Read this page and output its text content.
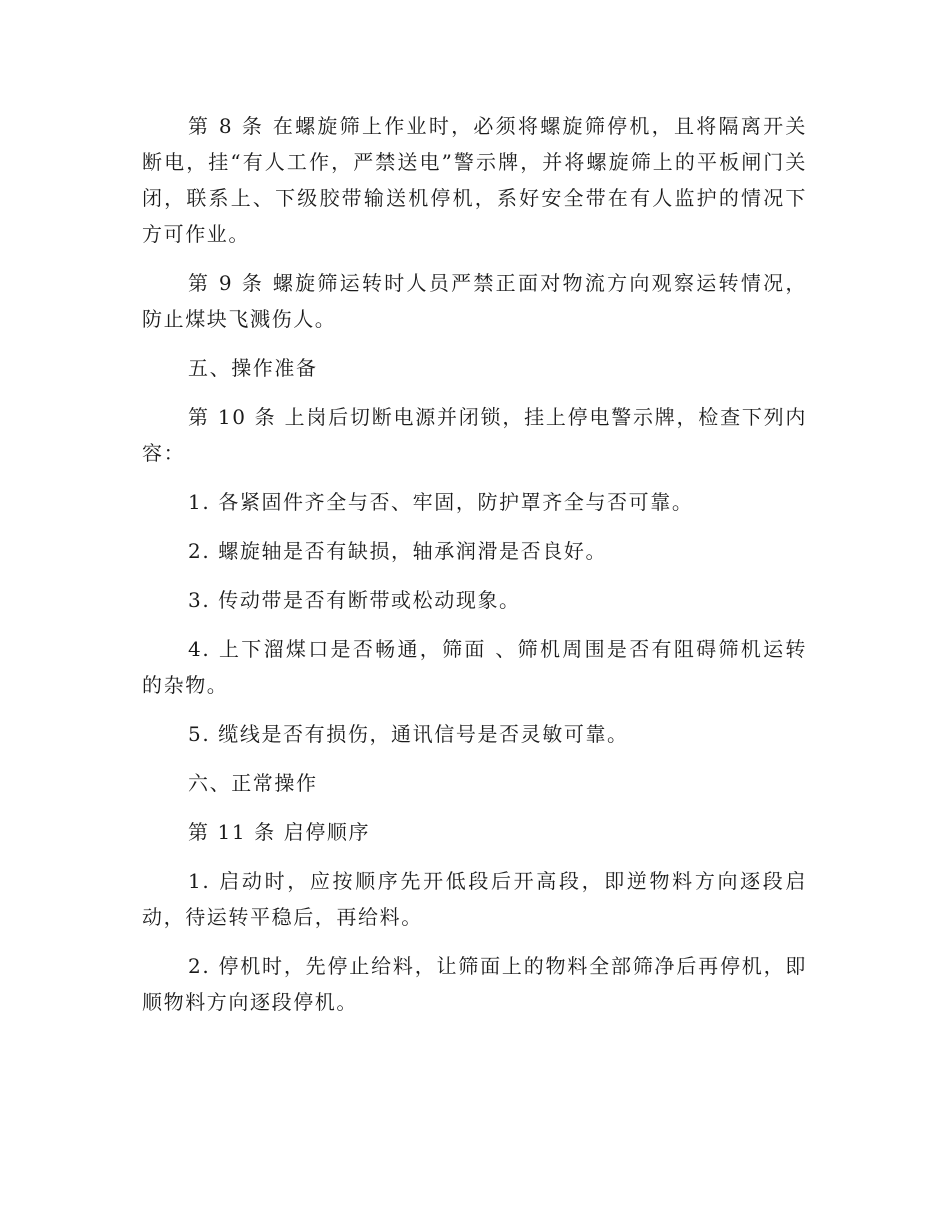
第 8 条 在螺旋筛上作业时，必须将螺旋筛停机，且将隔离开关断电，挂“有人工作，严禁送电”警示牌，并将螺旋筛上的平板闸门关闭，联系上、下级胶带输送机停机，系好安全带在有人监护的情况下方可作业。

第 9 条 螺旋筛运转时人员严禁正面对物流方向观察运转情况，防止煤块飞溅伤人。

五、操作准备

第 10 条 上岗后切断电源并闭锁，挂上停电警示牌，检查下列内容：

1. 各紧固件齐全与否、牢固，防护罩齐全与否可靠。

2. 螺旋轴是否有缺损，轴承润滑是否良好。

3. 传动带是否有断带或松动现象。

4. 上下溜煤口是否畅通，筛面 、筛机周围是否有阻碍筛机运转的杂物。

5. 缆线是否有损伤，通讯信号是否灵敏可靠。

六、正常操作

第 11 条 启停顺序

1. 启动时，应按顺序先开低段后开高段，即逆物料方向逐段启动，待运转平稳后，再给料。

2. 停机时，先停止给料，让筛面上的物料全部筛净后再停机，即顺物料方向逐段停机。
